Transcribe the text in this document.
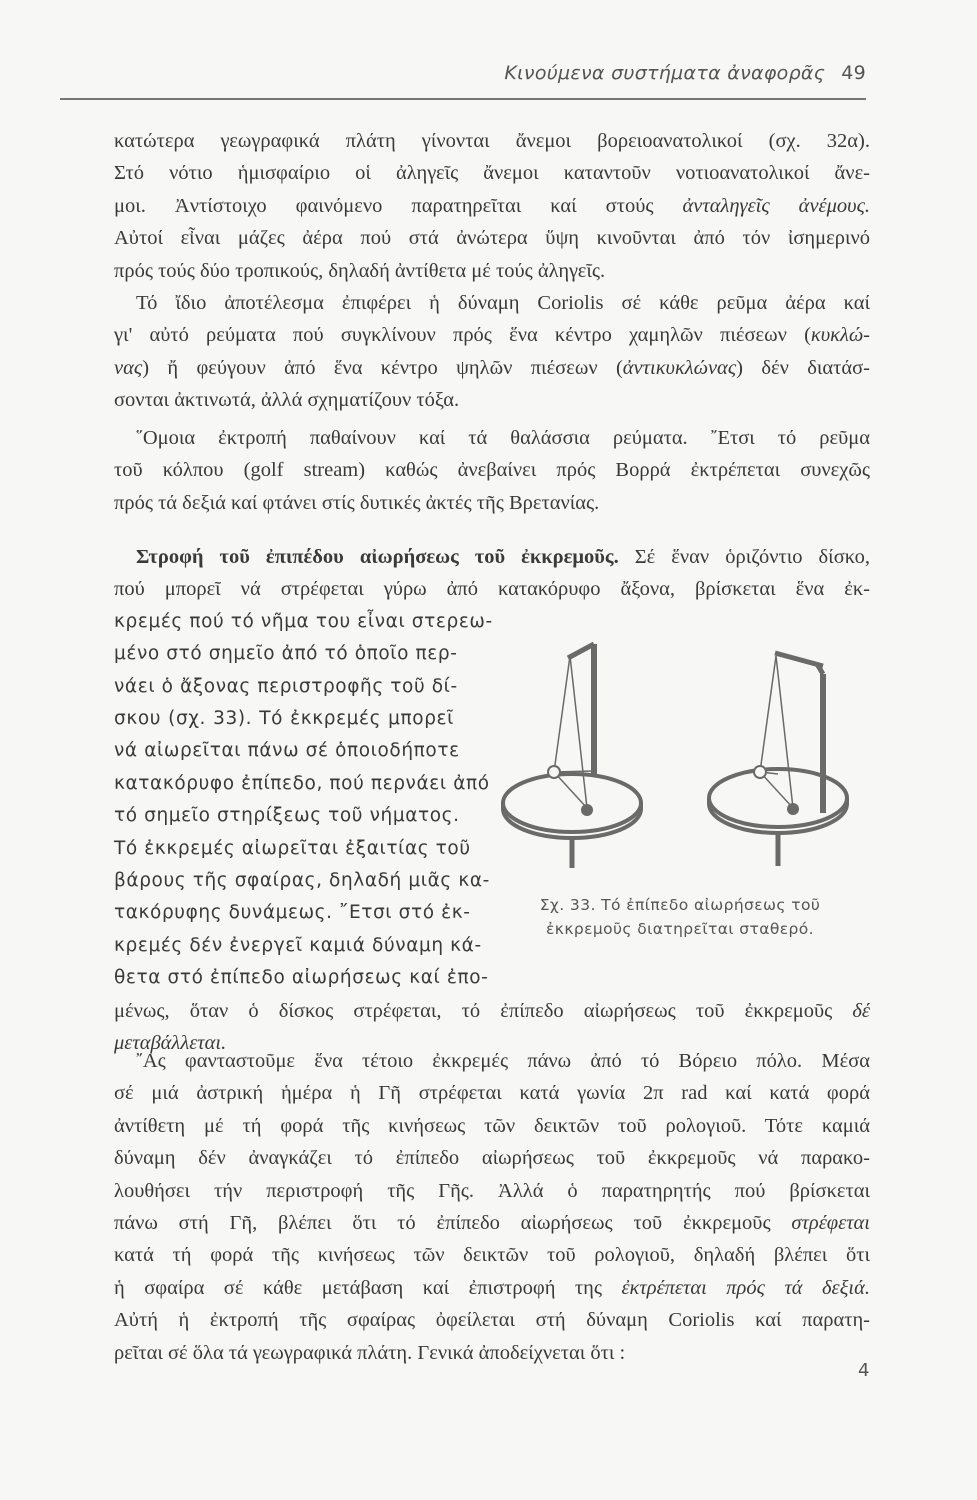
Κινούμενα συστήματα ἀναφορᾶς 49
κατώτερα γεωγραφικά πλάτη γίνονται ἄνεμοι βορειοανατολικοί (σχ. 32α).
Στό νότιο ἡμισφαίριο οἱ ἀληγεῖς ἄνεμοι καταντοῦν νοτιοανατολικοί ἄνε-
μοι. Ἀντίστοιχο φαινόμενο παρατηρεῖται καί στούς ἀνταληγεῖς ἀνέμους.
Αὐτοί εἶναι μάζες ἀέρα πού στά ἀνώτερα ὕψη κινοῦνται ἀπό τόν ἰσημερινό
πρός τούς δύο τροπικούς, δηλαδή ἀντίθετα μέ τούς ἀληγεῖς.
Τό ἴδιο ἀποτέλεσμα ἐπιφέρει ἡ δύναμη Coriolis σέ κάθε ρεῦμα ἀέρα καί
γι' αὐτό ρεύματα πού συγκλίνουν πρός ἕνα κέντρο χαμηλῶν πιέσεων (κυκλώ-
νας) ἤ φεύγουν ἀπό ἕνα κέντρο ψηλῶν πιέσεων (ἀντικυκλώνας) δέν διατάσ-
σονται ἀκτινωτά, ἀλλά σχηματίζουν τόξα.
῞Ομοια ἐκτροπή παθαίνουν καί τά θαλάσσια ρεύματα. ῎Ετσι τό ρεῦμα
τοῦ κόλπου (golf stream) καθώς ἀνεβαίνει πρός Βορρά ἐκτρέπεται συνεχῶς
πρός τά δεξιά καί φτάνει στίς δυτικές ἀκτές τῆς Βρετανίας.
Στροφή τοῦ ἐπιπέδου αἰωρήσεως τοῦ ἐκκρεμοῦς. Σέ ἕναν ὁριζόντιο δίσκο,
πού μπορεῖ νά στρέφεται γύρω ἀπό κατακόρυφο ἄξονα, βρίσκεται ἕνα ἐκ-
κρεμές πού τό νῆμα του εἶναι στερεω-
μένο στό σημεῖο ἀπό τό ὁποῖο περ-
νάει ὁ ἄξονας περιστροφῆς τοῦ δί-
σκου (σχ. 33). Τό ἐκκρεμές μπορεῖ
νά αἰωρεῖται πάνω σέ ὁποιοδήποτε
κατακόρυφο ἐπίπεδο, πού περνάει ἀπό
τό σημεῖο στηρίξεως τοῦ νήματος.
Τό ἐκκρεμές αἰωρεῖται ἐξαιτίας τοῦ
βάρους τῆς σφαίρας, δηλαδή μιᾶς κα-
τακόρυφης δυνάμεως. ῎Ετσι στό ἐκ-
κρεμές δέν ἐνεργεῖ καμιά δύναμη κά-
θετα στό ἐπίπεδο αἰωρήσεως καί ἐπο-
μένως, ὅταν ὁ δίσκος στρέφεται, τό ἐπίπεδο αἰωρήσεως τοῦ ἐκκρεμοῦς δέ
μεταβάλλεται.
Σχ. 33. Τό ἐπίπεδο αἰωρήσεως τοῦ
ἐκκρεμοῦς διατηρεῖται σταθερό.
῎Ας φανταστοῦμε ἕνα τέτοιο ἐκκρεμές πάνω ἀπό τό Βόρειο πόλο. Μέσα
σέ μιά ἀστρική ἡμέρα ἡ Γῆ στρέφεται κατά γωνία 2π rad καί κατά φορά
ἀντίθετη μέ τή φορά τῆς κινήσεως τῶν δεικτῶν τοῦ ρολογιοῦ. Τότε καμιά
δύναμη δέν ἀναγκάζει τό ἐπίπεδο αἰωρήσεως τοῦ ἐκκρεμοῦς νά παρακο-
λουθήσει τήν περιστροφή τῆς Γῆς. Ἀλλά ὁ παρατηρητής πού βρίσκεται
πάνω στή Γῆ, βλέπει ὅτι τό ἐπίπεδο αἰωρήσεως τοῦ ἐκκρεμοῦς στρέφεται
κατά τή φορά τῆς κινήσεως τῶν δεικτῶν τοῦ ρολογιοῦ, δηλαδή βλέπει ὅτι
ἡ σφαίρα σέ κάθε μετάβαση καί ἐπιστροφή της ἐκτρέπεται πρός τά δεξιά.
Αὐτή ἡ ἐκτροπή τῆς σφαίρας ὀφείλεται στή δύναμη Coriolis καί παρατη-
ρεῖται σέ ὅλα τά γεωγραφικά πλάτη. Γενικά ἀποδείχνεται ὅτι :
4
